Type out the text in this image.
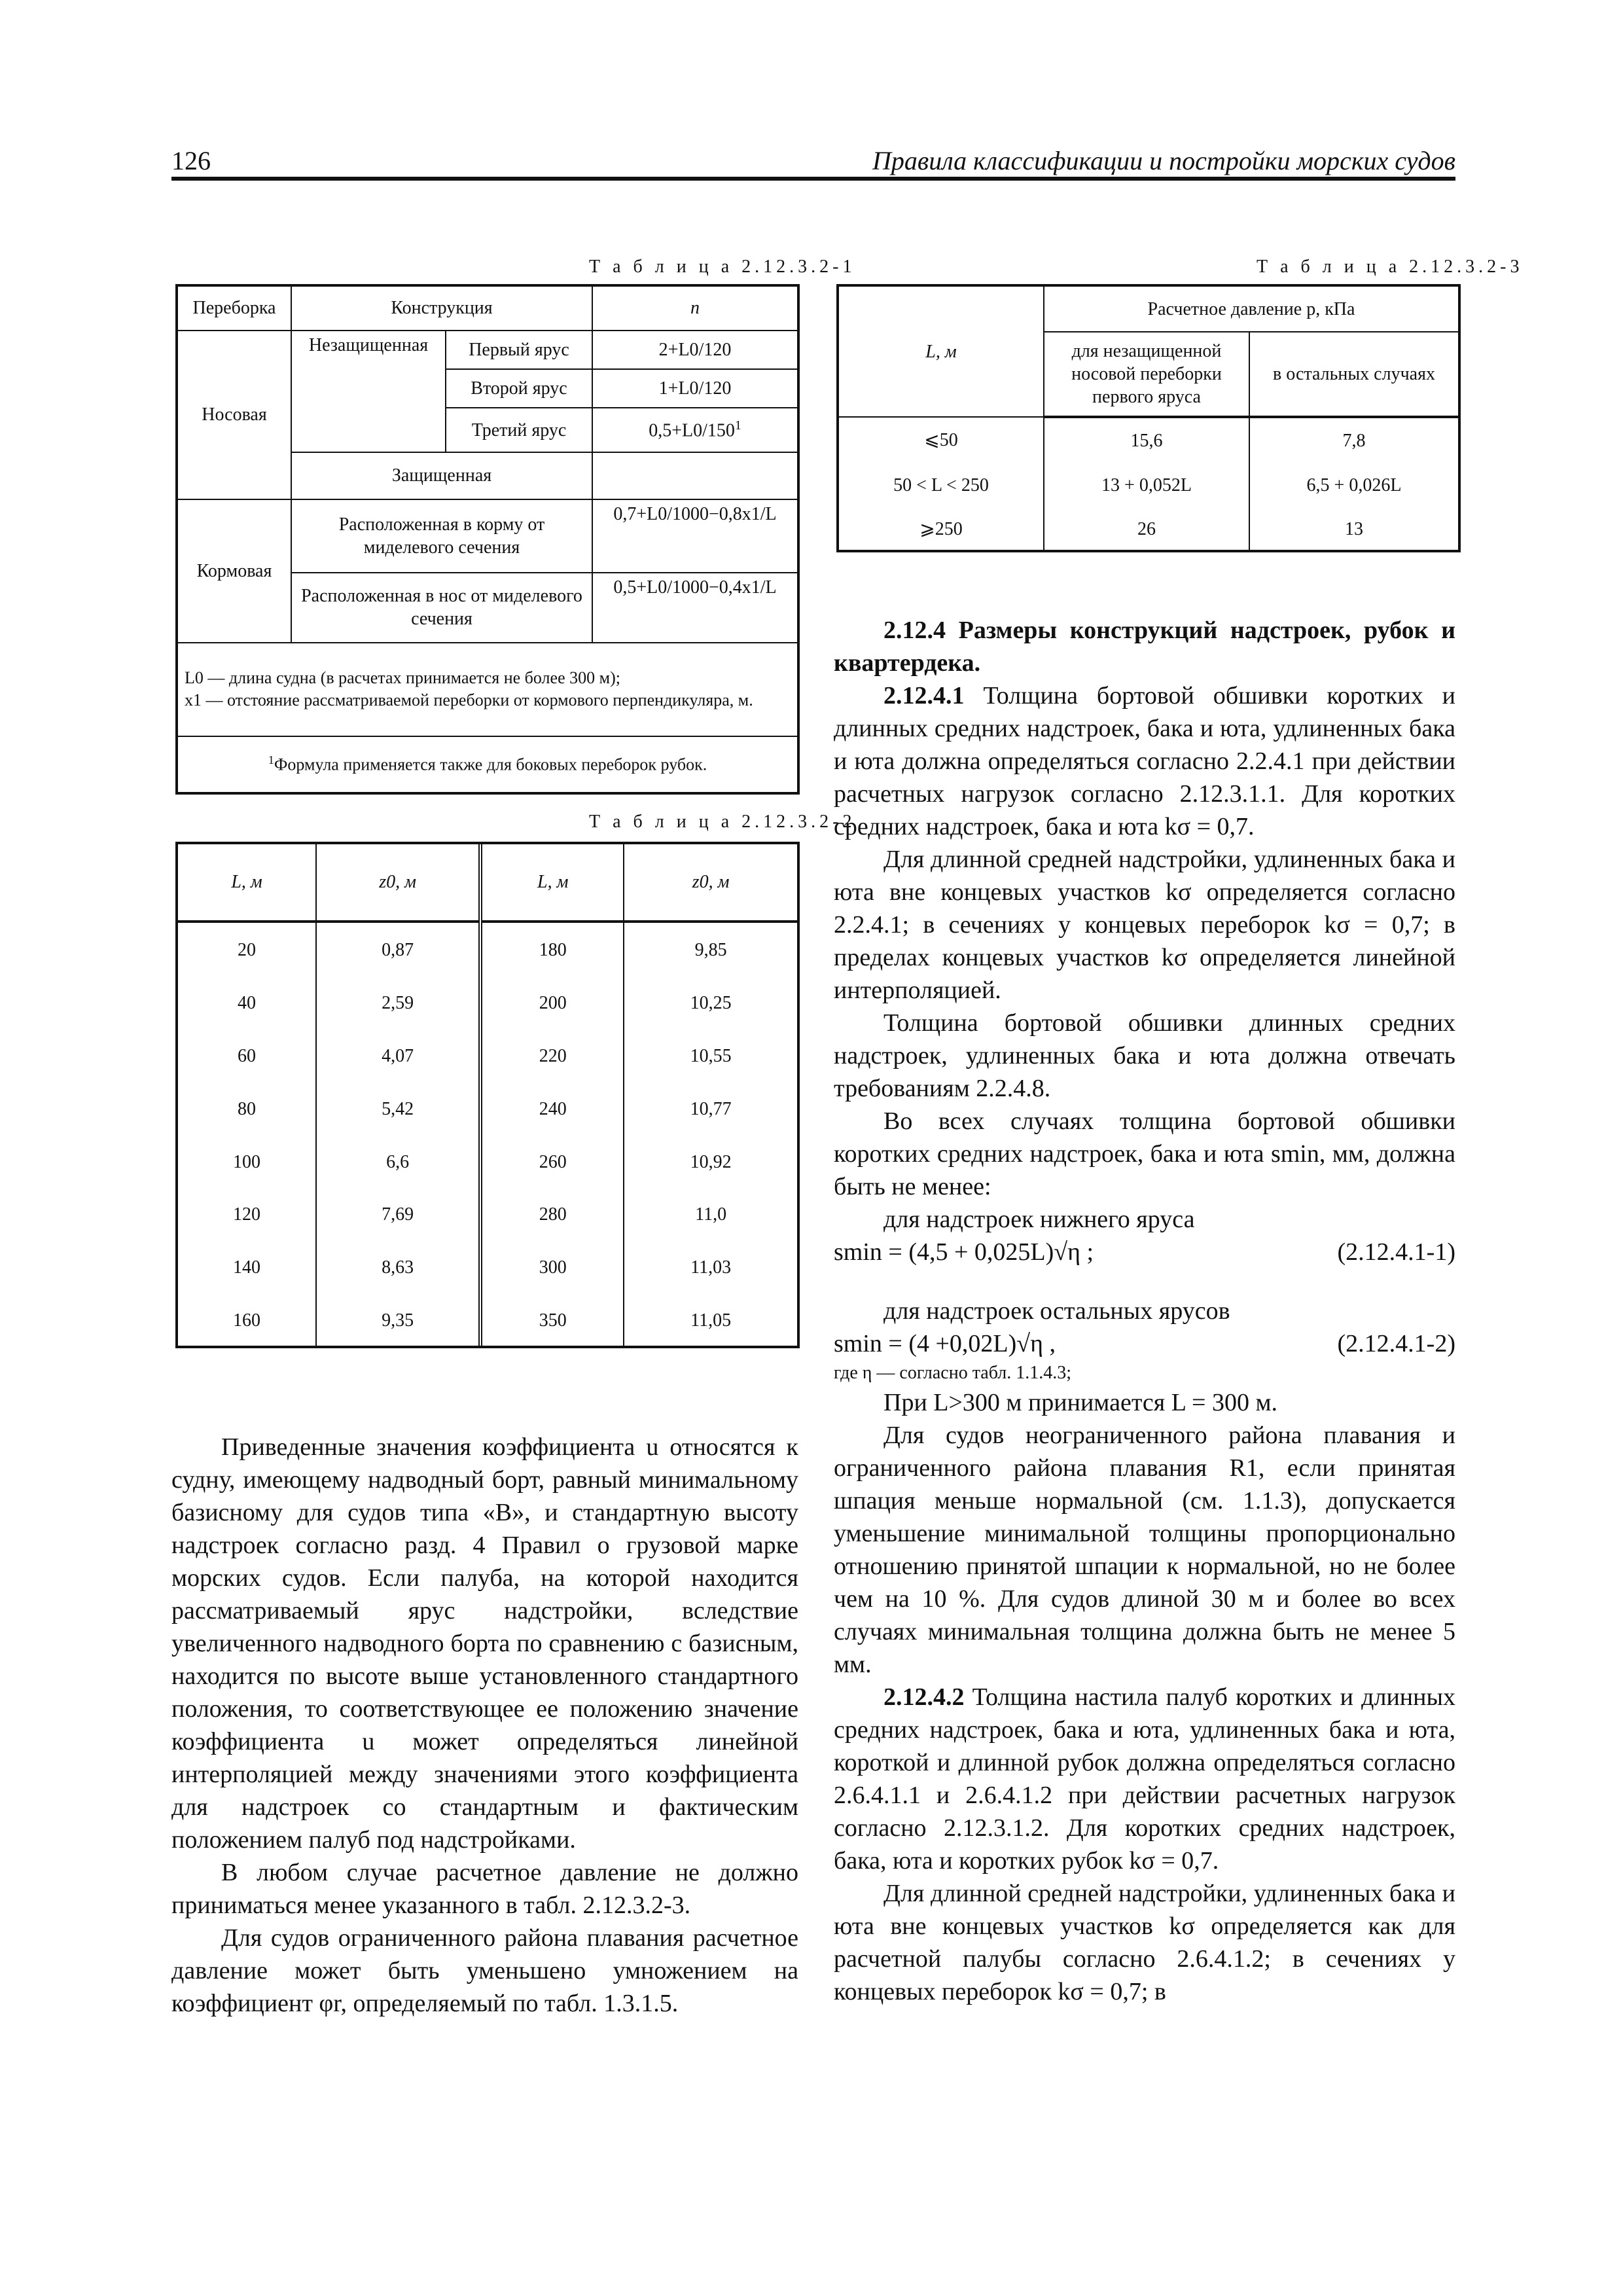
126	Правила классификации и постройки морских судов
Т а б л и ц а 2.12.3.2-1
Переборка	Конструкция		n
Носовая	Незащищенная	Первый ярус	2+L0/120
		Второй ярус	1+L0/120
		Третий ярус	$0,5+L0/150^1$
	Защищенная		
Кормовая	Расположенная в корму от миделевого сечения		0,7+L0/1000−0,8x1/L
	Расположенная в нос от миделевого сечения		0,5+L0/1000−0,4x1/L

L0 — длина судна (в расчетах принимается не более 300 м);
x1 — отстояние рассматриваемой переборки от кормового перпендикуляра, м.			

$^1$Формула применяется также для боковых переборок рубок.			
Т а б л и ц а 2.12.3.2-2
L, м	z0, м	L, м	z0, м
20	0,87	180	9,85
40	2,59	200	10,25
60	4,07	220	10,55
80	5,42	240	10,77
100	6,6	260	10,92
120	7,69	280	11,0
140	8,63	300	11,03
160	9,35	350	11,05
Т а б л и ц а 2.12.3.2-3
L, м	Расчетное давление p, кПа	
	для незащищенной носовой переборки первого яруса	в остальных случаях
⩽50	15,6	7,8
50 < L < 250	13 + 0,052L	6,5 + 0,026L
⩾250	26	13

2.12.4 Размеры конструкций надстроек, рубок и квартердека.

2.12.4.1 Толщина бортовой обшивки коротких и длинных средних надстроек, бака и юта, удлиненных бака и юта должна определяться согласно 2.2.4.1 при действии расчетных нагрузок согласно 2.12.3.1.1. Для коротких средних надстроек, бака и юта kσ = 0,7.

Для длинной средней надстройки, удлиненных бака и юта вне концевых участков kσ определяется согласно 2.2.4.1; в сечениях у концевых переборок kσ = 0,7; в пределах концевых участков kσ определяется линейной интерполяцией.

Толщина бортовой обшивки длинных средних надстроек, удлиненных бака и юта должна отвечать требованиям 2.2.4.8.

Во всех случаях толщина бортовой обшивки коротких средних надстроек, бака и юта smin, мм, должна быть не менее:

для надстроек нижнего яруса

smin = (4,5 + 0,025L)√η ;	(2.12.4.1-1)

для надстроек остальных ярусов

smin = (4 +0,02L)√η ,	(2.12.4.1-2)

где η — согласно табл. 1.1.4.3;

При L>300 м принимается L = 300 м.

Для судов неограниченного района плавания и ограниченного района плавания R1, если принятая шпация меньше нормальной (см. 1.1.3), допускается уменьшение минимальной толщины пропорционально отношению принятой шпации к нормальной, но не более чем на 10 %. Для судов длиной 30 м и более во всех случаях минимальная толщина должна быть не менее 5 мм.

2.12.4.2 Толщина настила палуб коротких и длинных средних надстроек, бака и юта, удлиненных бака и юта, короткой и длинной рубок должна определяться согласно 2.6.4.1.1 и 2.6.4.1.2 при действии расчетных нагрузок согласно 2.12.3.1.2. Для коротких средних надстроек, бака, юта и коротких рубок kσ = 0,7.

Для длинной средней надстройки, удлиненных бака и юта вне концевых участков kσ определяется как для расчетной палубы согласно 2.6.4.1.2; в сечениях у концевых переборок kσ = 0,7; в

Приведенные значения коэффициента u относятся к судну, имеющему надводный борт, равный минимальному базисному для судов типа «В», и стандартную высоту надстроек согласно разд. 4 Правил о грузовой марке морских судов. Если палуба, на которой находится рассматриваемый ярус надстройки, вследствие увеличенного надводного борта по сравнению с базисным, находится по высоте выше установленного стандартного положения, то соответствующее ее положению значение коэффициента u может определяться линейной интерполяцией между значениями этого коэффициента для надстроек со стандартным и фактическим положением палуб под надстройками.

В любом случае расчетное давление не должно приниматься менее указанного в табл. 2.12.3.2-3.

Для судов ограниченного района плавания расчетное давление может быть уменьшено умножением на коэффициент φr, определяемый по табл. 1.3.1.5.
